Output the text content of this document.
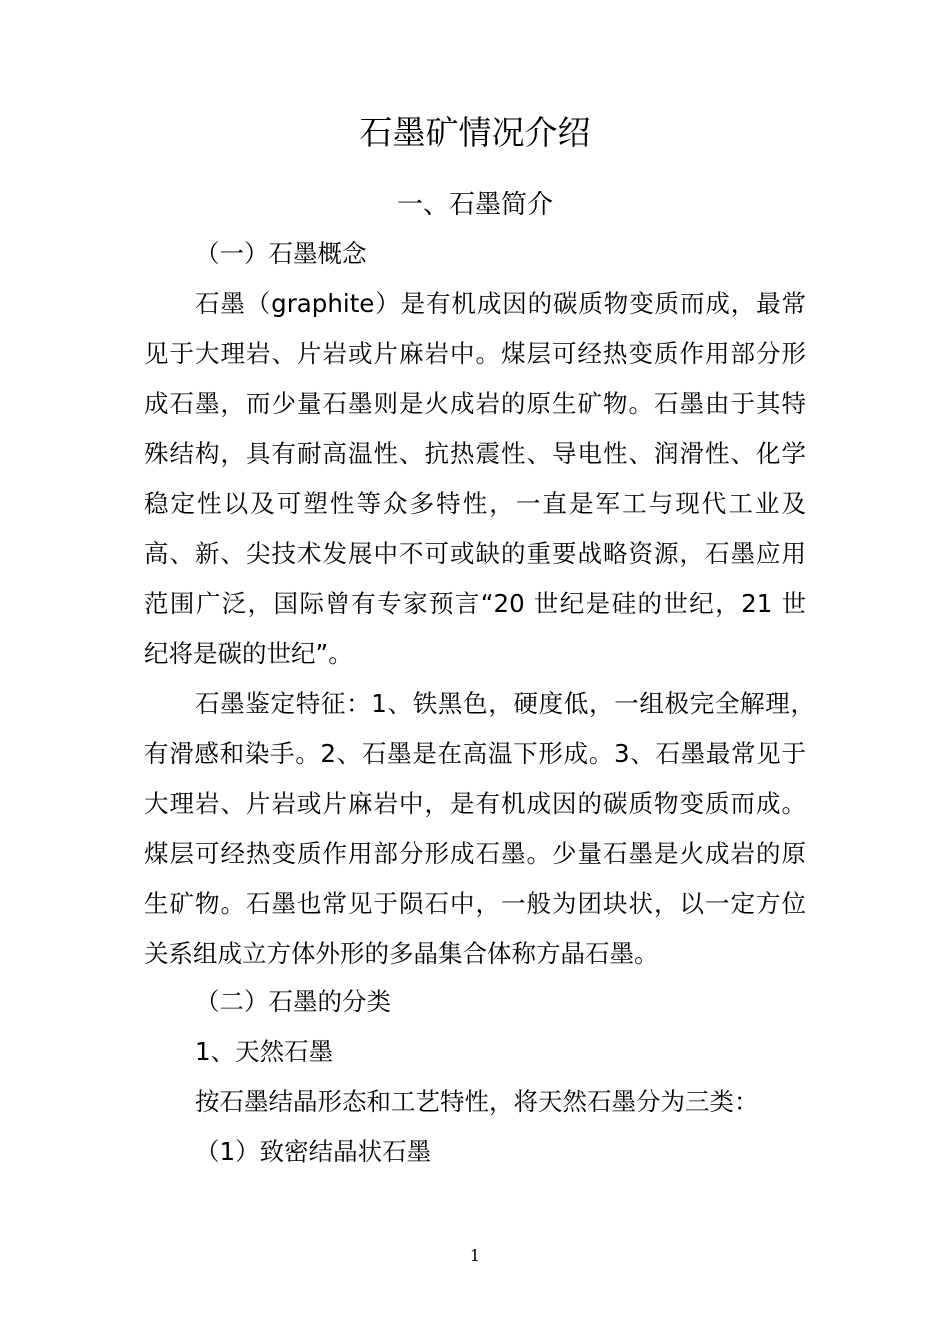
石墨矿情况介绍
一、石墨简介
（一）石墨概念
石墨（graphite）是有机成因的碳质物变质而成，最常
见于大理岩、片岩或片麻岩中。煤层可经热变质作用部分形
成石墨，而少量石墨则是火成岩的原生矿物。石墨由于其特
殊结构，具有耐高温性、抗热震性、导电性、润滑性、化学
稳定性以及可塑性等众多特性，一直是军工与现代工业及
高、新、尖技术发展中不可或缺的重要战略资源，石墨应用
范围广泛，国际曾有专家预言“20 世纪是硅的世纪，21 世
纪将是碳的世纪”。
石墨鉴定特征：1、铁黑色，硬度低，一组极完全解理，
有滑感和染手。2、石墨是在高温下形成。3、石墨最常见于
大理岩、片岩或片麻岩中，是有机成因的碳质物变质而成。
煤层可经热变质作用部分形成石墨。少量石墨是火成岩的原
生矿物。石墨也常见于陨石中，一般为团块状，以一定方位
关系组成立方体外形的多晶集合体称方晶石墨。
（二）石墨的分类
1、天然石墨
按石墨结晶形态和工艺特性，将天然石墨分为三类：
（1）致密结晶状石墨
1
